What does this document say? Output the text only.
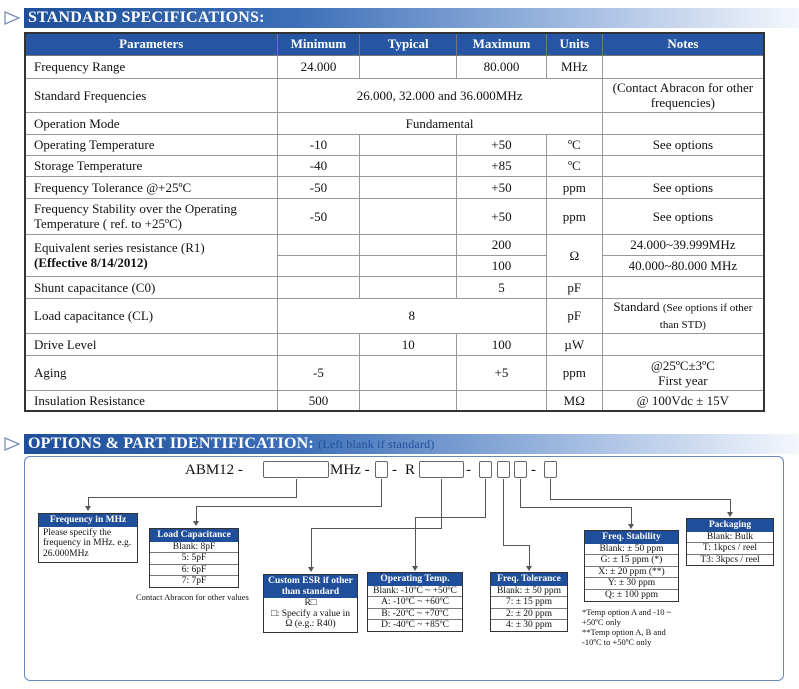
STANDARD SPECIFICATIONS:
Parameters	Minimum	Typical	Maximum	Units	Notes
Frequency Range	24.000		80.000	MHz	
Standard Frequencies	26.000, 32.000 and 36.000MHz				(Contact Abracon for other frequencies)
Operation Mode	Fundamental				
Operating Temperature	-10		+50	ºC	See options
Storage Temperature	-40		+85	ºC	
Frequency Tolerance @+25ºC	-50		+50	ppm	See options
Frequency Stability over the Operating Temperature ( ref. to +25ºC)	-50		+50	ppm	See options
Equivalent series resistance (R1)
(Effective 8/14/2012)			200	Ω	24.000~39.999MHz
			100		40.000~80.000 MHz
Shunt capacitance (C0)			5	pF	
Load capacitance (CL)	8			pF	Standard (See options if other than STD)
Drive Level		10	100	µW	
Aging	-5		+5	ppm	@25ºC±3ºC
First year
Insulation Resistance	500			MΩ	@ 100Vdc ± 15V
OPTIONS & PART IDENTIFICATION: (Left blank if standard)
ABM12 -	MHz - - R	-	-
Frequency in MHz
Please specify the frequency in MHz. e.g. 26.000MHz
Load Capacitance
Blank: 8pF
5: 5pF
6: 6pF
7: 7pF
Contact Abracon for other values
Custom ESR if other than standard
R□
□: Specify a value in Ω (e.g.: R40)
Operating Temp.
Blank: -10ºC ~ +50ºC
A: -10ºC ~ +60ºC
B: -20ºC ~ +70ºC
D: -40ºC ~ +85ºC
Freq. Tolerance
Blank: ± 50 ppm
7: ± 15 ppm
2: ± 20 ppm
4: ± 30 ppm
Freq. Stability
Blank: ± 50 ppm
G: ± 15 ppm (*)
X: ± 20 ppm (**)
Y: ± 30 ppm
Q: ± 100 ppm
*Temp option A and -10 ~ +50ºC only
**Temp option A, B and -10ºC to +50ºC only
Packaging
Blank: Bulk
T: 1kpcs / reel
T3: 3kpcs / reel
